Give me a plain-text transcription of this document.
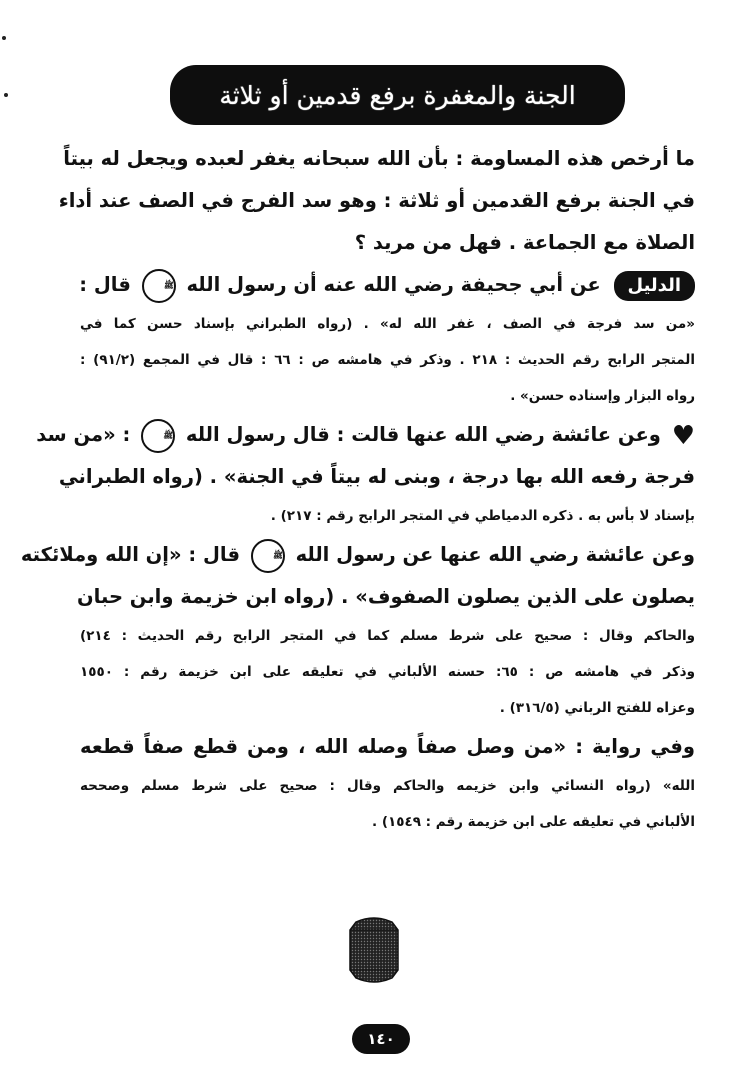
الجنة والمغفرة برفع قدمين أو ثلاثة
ما أرخص هذه المساومة : بأن الله سبحانه يغفر لعبده ويجعل له بيتاً
في الجنة برفع القدمين أو ثلاثة : وهو سد الفرج في الصف عند أداء
الصلاة مع الجماعة . فهل من مريد ؟
الدليل عن أبي جحيفة رضي الله عنه أن رسول الله ﷺ قال :
«من سد فرجة في الصف ، غفر الله له» . (رواه الطبراني بإسناد حسن كما في
المتجر الرابح رقم الحديث : ٢١٨ . وذكر في هامشه ص : ٦٦ : قال في المجمع (٩١/٢) :
رواه البزار وإسناده حسن» .
♥ وعن عائشة رضي الله عنها قالت : قال رسول الله ﷺ : «من سد
فرجة رفعه الله بها درجة ، وبنى له بيتاً في الجنة» . (رواه الطبراني
بإسناد لا بأس به . ذكره الدمياطي في المتجر الرابح رقم : ٢١٧) .
وعن عائشة رضي الله عنها عن رسول الله ﷺ قال : «إن الله وملائكته
يصلون على الذين يصلون الصفوف» . (رواه ابن خزيمة وابن حبان
والحاكم وقال : صحيح على شرط مسلم كما في المتجر الرابح رقم الحديث : ٢١٤)
وذكر في هامشه ص : ٦٥: حسنه الألباني في تعليقه على ابن خزيمة رقم : ١٥٥٠
وعزاه للفتح الرباني (٣١٦/٥) .
وفي رواية : «من وصل صفاً وصله الله ، ومن قطع صفاً قطعه
الله» (رواه النسائي وابن خزيمه والحاكم وقال : صحيح على شرط مسلم وصححه
الألباني في تعليقه على ابن خزيمة رقم : ١٥٤٩) .
١٤٠
